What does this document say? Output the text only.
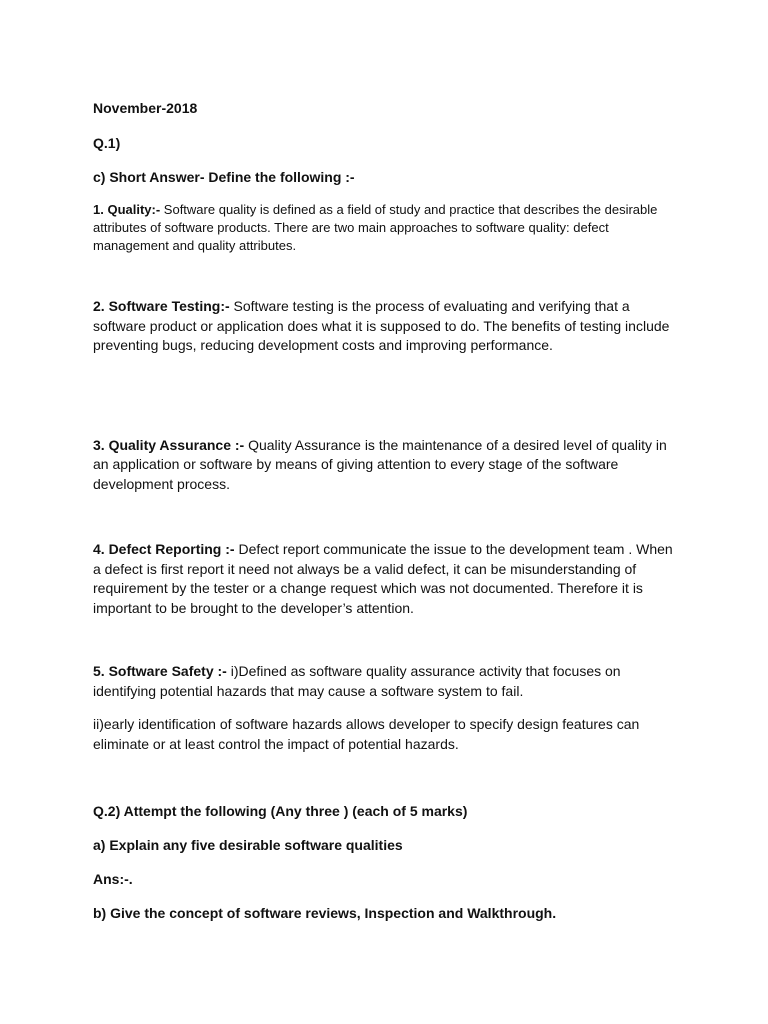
November-2018

Q.1)

c) Short Answer- Define the following :-

1. Quality:- Software quality is defined as a field of study and practice that describes the desirable attributes of software products. There are two main approaches to software quality: defect management and quality attributes.

2. Software Testing:- Software testing is the process of evaluating and verifying that a software product or application does what it is supposed to do. The benefits of testing include preventing bugs, reducing development costs and improving performance.

3. Quality Assurance :- Quality Assurance is the maintenance of a desired level of quality in an application or software by means of giving attention to every stage of the software development process.

4. Defect Reporting :- Defect report communicate the issue to the development team . When a defect is first report it need not always be a valid defect, it can be misunderstanding of requirement by the tester or a change request which was not documented. Therefore it is important to be brought to the developer’s attention.

5. Software Safety :- i)Defined as software quality assurance activity that focuses on identifying potential hazards that may cause a software system to fail.

ii)early identification of software hazards allows developer to specify design features can eliminate or at least control the impact of potential hazards.

Q.2) Attempt the following (Any three ) (each of 5 marks)

a) Explain any five desirable software qualities

Ans:-.

b) Give the concept of software reviews, Inspection and Walkthrough.
